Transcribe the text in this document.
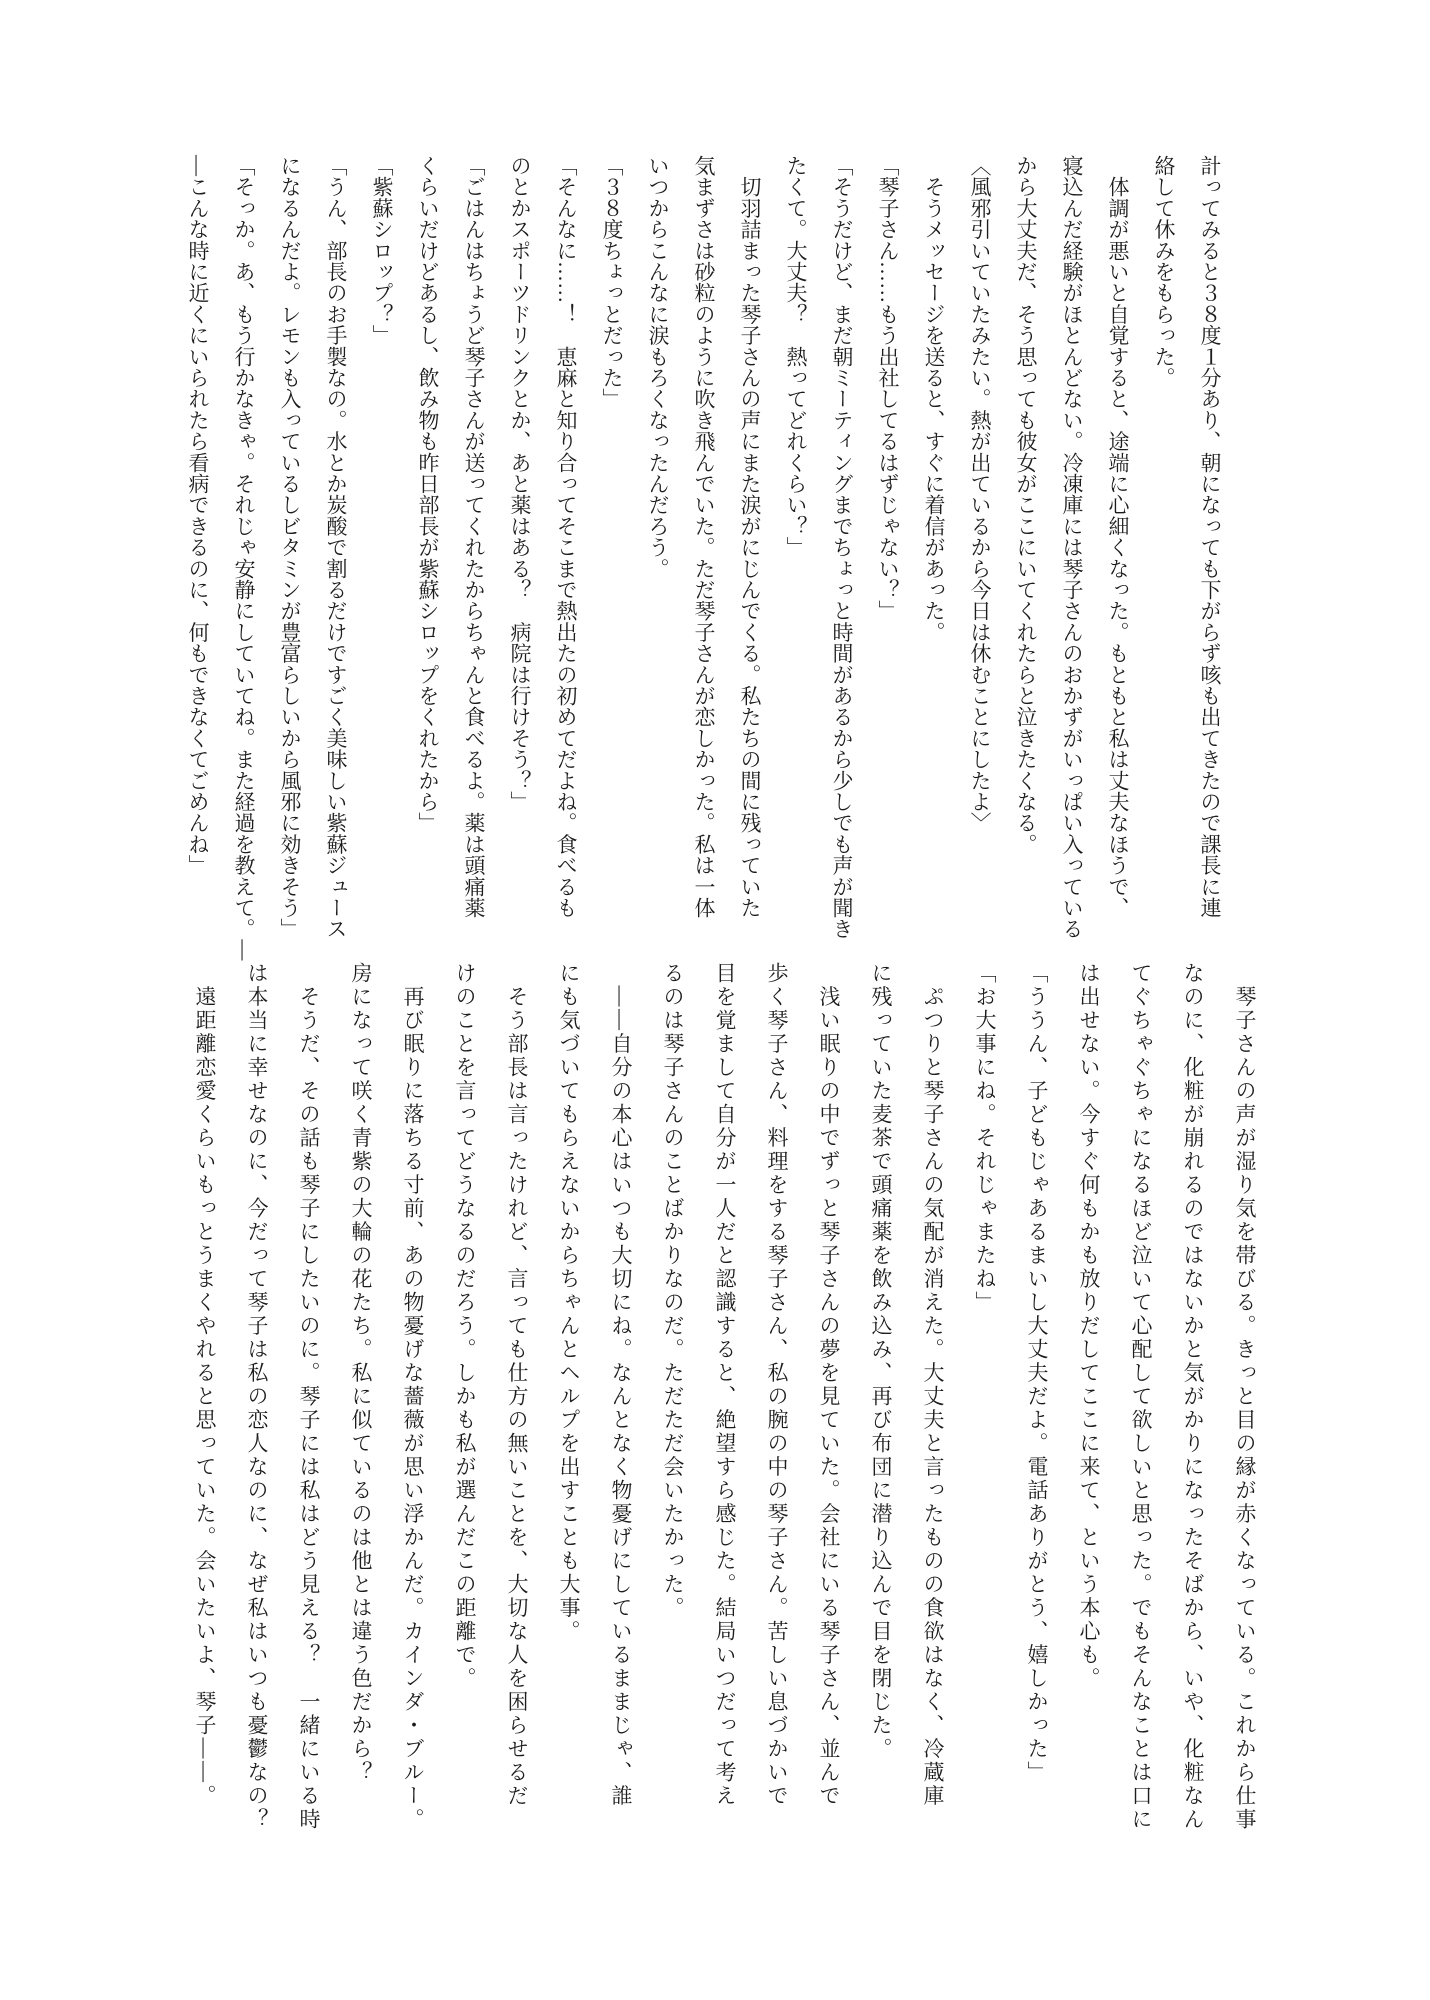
計ってみると３８度１分あり、朝になっても下がらず咳も出てきたので課長に連
絡して休みをもらった。
　体調が悪いと自覚すると、途端に心細くなった。もともと私は丈夫なほうで、
寝込んだ経験がほとんどない。冷凍庫には琴子さんのおかずがいっぱい入っている
から大丈夫だ、そう思っても彼女がここにいてくれたらと泣きたくなる。
〈風邪引いていたみたい。熱が出ているから今日は休むことにしたよ〉
　そうメッセージを送ると、すぐに着信があった。
「琴子さん……もう出社してるはずじゃない？」
「そうだけど、まだ朝ミーティングまでちょっと時間があるから少しでも声が聞き
たくて。大丈夫？　熱ってどれくらい？」
　切羽詰まった琴子さんの声にまた涙がにじんでくる。私たちの間に残っていた
気まずさは砂粒のように吹き飛んでいた。ただ琴子さんが恋しかった。私は一体
いつからこんなに涙もろくなったんだろう。
「３８度ちょっとだった」
「そんなに……！　恵麻と知り合ってそこまで熱出たの初めてだよね。食べるも
のとかスポーツドリンクとか、あと薬はある？　病院は行けそう？」
「ごはんはちょうど琴子さんが送ってくれたからちゃんと食べるよ。薬は頭痛薬
くらいだけどあるし、飲み物も昨日部長が紫蘇シロップをくれたから」
「紫蘇シロップ？」
「うん、部長のお手製なの。水とか炭酸で割るだけですごく美味しい紫蘇ジュース
になるんだよ。レモンも入っているしビタミンが豊富らしいから風邪に効きそう」
「そっか。あ、もう行かなきゃ。それじゃ安静にしていてね。また経過を教えて。―
―こんな時に近くにいられたら看病できるのに、何もできなくてごめんね」
　琴子さんの声が湿り気を帯びる。きっと目の縁が赤くなっている。これから仕事
なのに、化粧が崩れるのではないかと気がかりになったそばから、いや、化粧なん
てぐちゃぐちゃになるほど泣いて心配して欲しいと思った。でもそんなことは口に
は出せない。今すぐ何もかも放りだしてここに来て、という本心も。
「ううん、子どもじゃあるまいし大丈夫だよ。電話ありがとう、嬉しかった」
「お大事にね。それじゃまたね」
　ぷつりと琴子さんの気配が消えた。大丈夫と言ったものの食欲はなく、冷蔵庫
に残っていた麦茶で頭痛薬を飲み込み、再び布団に潜り込んで目を閉じた。
　浅い眠りの中でずっと琴子さんの夢を見ていた。会社にいる琴子さん、並んで
歩く琴子さん、料理をする琴子さん、私の腕の中の琴子さん。苦しい息づかいで
目を覚まして自分が一人だと認識すると、絶望すら感じた。結局いつだって考え
るのは琴子さんのことばかりなのだ。ただただ会いたかった。
　――自分の本心はいつも大切にね。なんとなく物憂げにしているままじゃ、誰
にも気づいてもらえないからちゃんとヘルプを出すことも大事。
　そう部長は言ったけれど、言っても仕方の無いことを、大切な人を困らせるだ
けのことを言ってどうなるのだろう。しかも私が選んだこの距離で。
　再び眠りに落ちる寸前、あの物憂げな薔薇が思い浮かんだ。カインダ・ブルー。
房になって咲く青紫の大輪の花たち。私に似ているのは他とは違う色だから？
　そうだ、その話も琴子にしたいのに。琴子には私はどう見える？　一緒にいる時
は本当に幸せなのに、今だって琴子は私の恋人なのに、なぜ私はいつも憂鬱なの？
　遠距離恋愛くらいもっとうまくやれると思っていた。会いたいよ、琴子――。
